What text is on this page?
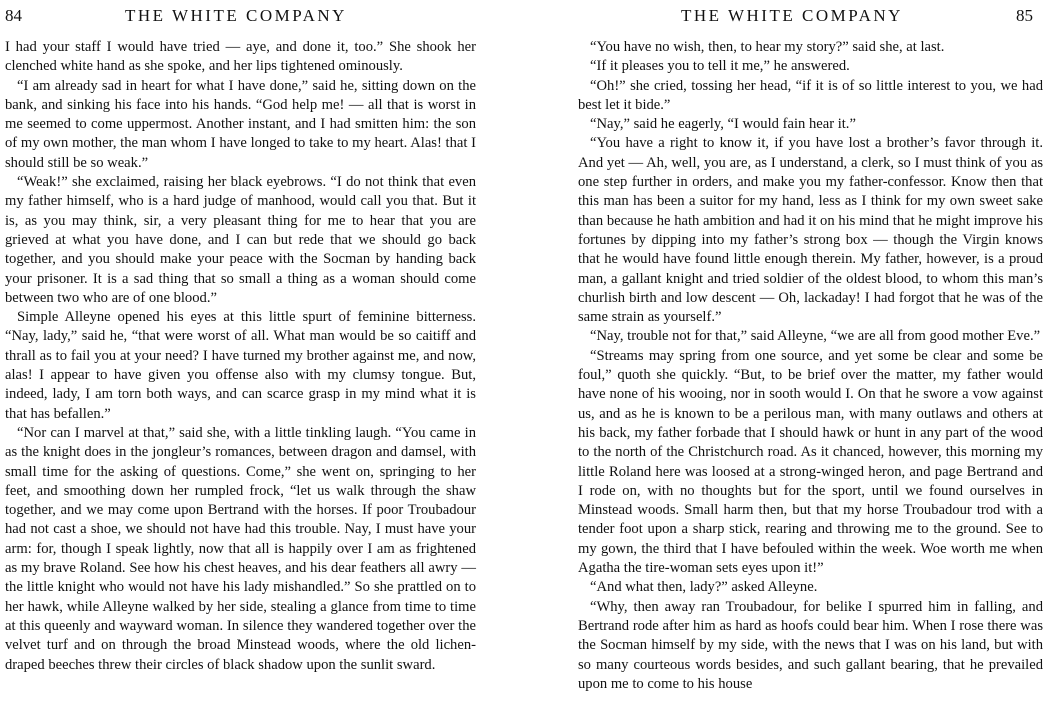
84	THE WHITE COMPANY

I had your staff I would have tried — aye, and done it, too.” She shook her clenched white hand as she spoke, and her lips tightened ominously.

“I am already sad in heart for what I have done,” said he, sitting down on the bank, and sinking his face into his hands. “God help me! — all that is worst in me seemed to come uppermost. Another instant, and I had smitten him: the son of my own mother, the man whom I have longed to take to my heart. Alas! that I should still be so weak.”

“Weak!” she exclaimed, raising her black eyebrows. “I do not think that even my father himself, who is a hard judge of manhood, would call you that. But it is, as you may think, sir, a very pleasant thing for me to hear that you are grieved at what you have done, and I can but rede that we should go back together, and you should make your peace with the Socman by handing back your prisoner. It is a sad thing that so small a thing as a woman should come between two who are of one blood.”

Simple Alleyne opened his eyes at this little spurt of feminine bitterness. “Nay, lady,” said he, “that were worst of all. What man would be so caitiff and thrall as to fail you at your need? I have turned my brother against me, and now, alas! I appear to have given you offense also with my clumsy tongue. But, indeed, lady, I am torn both ways, and can scarce grasp in my mind what it is that has befallen.”

“Nor can I marvel at that,” said she, with a little tinkling laugh. “You came in as the knight does in the jongleur’s romances, between dragon and damsel, with small time for the asking of questions. Come,” she went on, springing to her feet, and smoothing down her rumpled frock, “let us walk through the shaw together, and we may come upon Bertrand with the horses. If poor Troubadour had not cast a shoe, we should not have had this trouble. Nay, I must have your arm: for, though I speak lightly, now that all is happily over I am as frightened as my brave Roland. See how his chest heaves, and his dear feathers all awry — the little knight who would not have his lady mishandled.” So she prattled on to her hawk, while Alleyne walked by her side, stealing a glance from time to time at this queenly and wayward woman. In silence they wandered together over the velvet turf and on through the broad Minstead woods, where the old lichen-draped beeches threw their circles of black shadow upon the sunlit sward.

THE WHITE COMPANY	85

“You have no wish, then, to hear my story?” said she, at last.

“If it pleases you to tell it me,” he answered.

“Oh!” she cried, tossing her head, “if it is of so little interest to you, we had best let it bide.”

“Nay,” said he eagerly, “I would fain hear it.”

“You have a right to know it, if you have lost a brother’s favor through it. And yet — Ah, well, you are, as I understand, a clerk, so I must think of you as one step further in orders, and make you my father-confessor. Know then that this man has been a suitor for my hand, less as I think for my own sweet sake than because he hath ambition and had it on his mind that he might improve his fortunes by dipping into my father’s strong box — though the Virgin knows that he would have found little enough therein. My father, however, is a proud man, a gallant knight and tried soldier of the oldest blood, to whom this man’s churlish birth and low descent — Oh, lackaday! I had forgot that he was of the same strain as yourself.”

“Nay, trouble not for that,” said Alleyne, “we are all from good mother Eve.”

“Streams may spring from one source, and yet some be clear and some be foul,” quoth she quickly. “But, to be brief over the matter, my father would have none of his wooing, nor in sooth would I. On that he swore a vow against us, and as he is known to be a perilous man, with many outlaws and others at his back, my father forbade that I should hawk or hunt in any part of the wood to the north of the Christchurch road. As it chanced, however, this morning my little Roland here was loosed at a strong-winged heron, and page Bertrand and I rode on, with no thoughts but for the sport, until we found ourselves in Minstead woods. Small harm then, but that my horse Troubadour trod with a tender foot upon a sharp stick, rearing and throwing me to the ground. See to my gown, the third that I have befouled within the week. Woe worth me when Agatha the tire-woman sets eyes upon it!”

“And what then, lady?” asked Alleyne.

“Why, then away ran Troubadour, for belike I spurred him in falling, and Bertrand rode after him as hard as hoofs could bear him. When I rose there was the Socman himself by my side, with the news that I was on his land, but with so many courteous words besides, and such gallant bearing, that he prevailed upon me to come to his house
